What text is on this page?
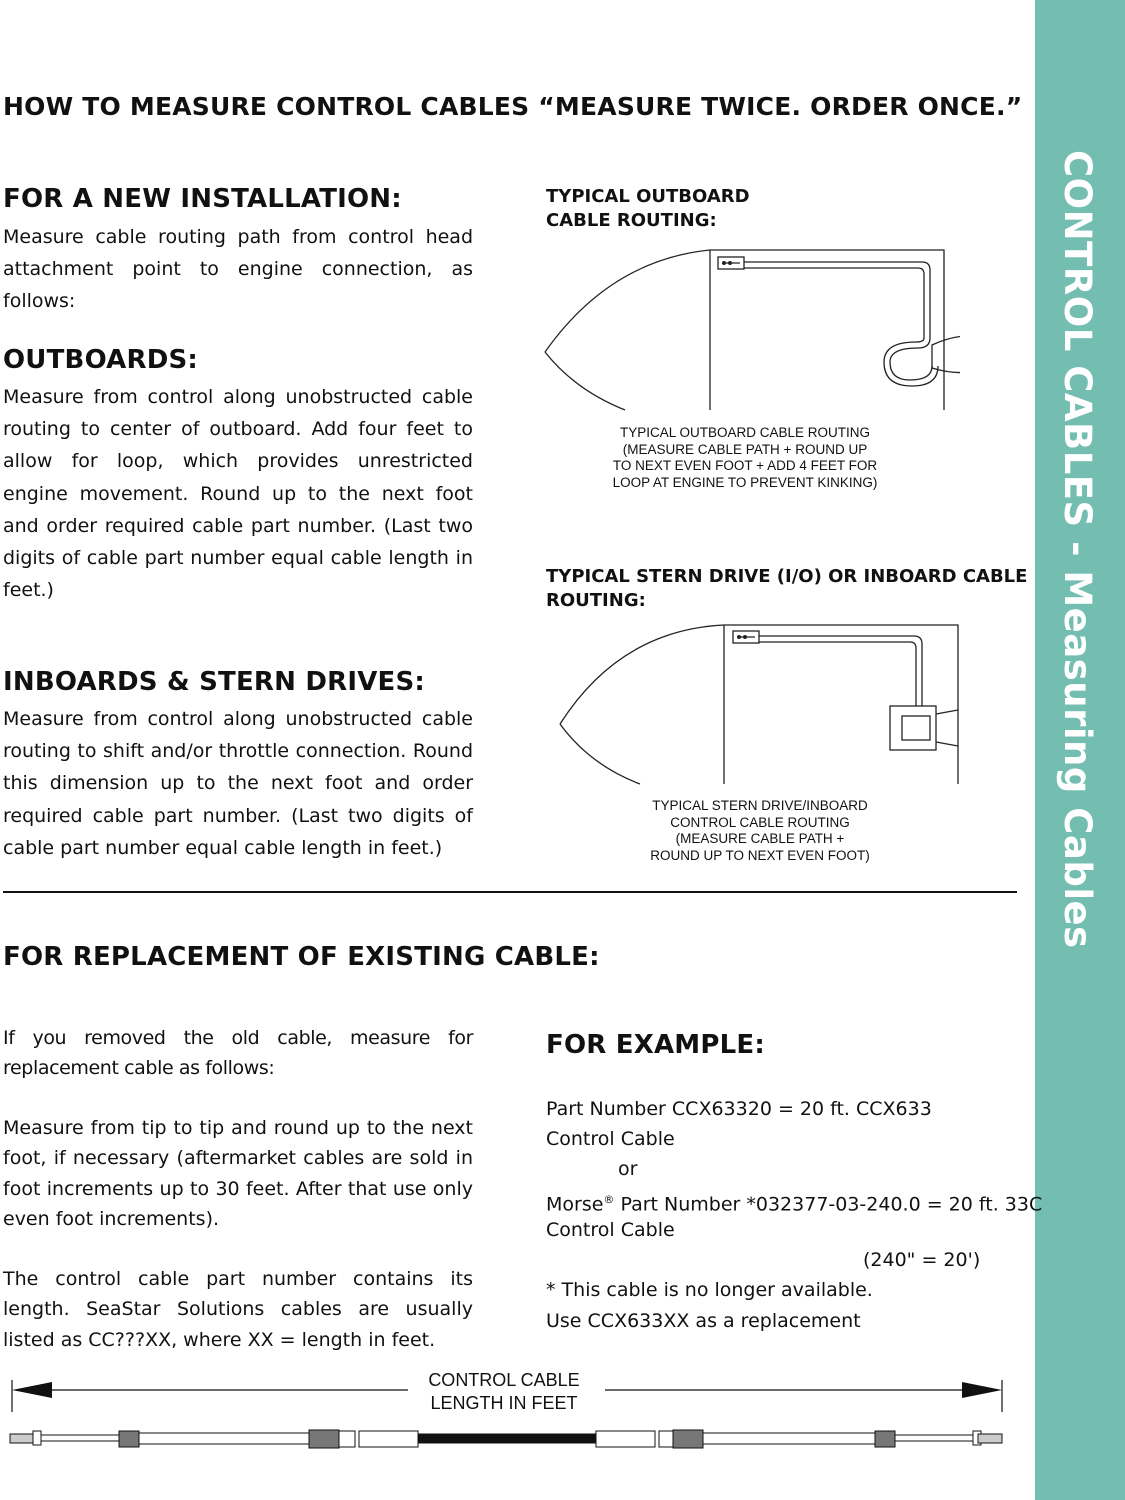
CONTROL CABLES - Measuring Cables
HOW TO MEASURE CONTROL CABLES “MEASURE TWICE. ORDER ONCE.”
FOR A NEW INSTALLATION:
Measure cable routing path from control head attachment point to engine connection, as follows:
OUTBOARDS:
Measure from control along unobstructed cable routing to center of outboard. Add four feet to allow for loop, which provides unrestricted engine movement. Round up to the next foot and order required cable part number. (Last two digits of cable part number equal cable length in feet.)
INBOARDS & STERN DRIVES:
Measure from control along unobstructed cable routing to shift and/or throttle connection. Round this dimension up to the next foot and order required cable part number. (Last two digits of cable part number equal cable length in feet.)
TYPICAL OUTBOARD
CABLE ROUTING:
TYPICAL OUTBOARD CABLE ROUTING
(MEASURE CABLE PATH + ROUND UP
TO NEXT EVEN FOOT + ADD 4 FEET FOR
LOOP AT ENGINE TO PREVENT KINKING)
TYPICAL STERN DRIVE (I/O) OR INBOARD CABLE
ROUTING:
TYPICAL STERN DRIVE/INBOARD
CONTROL CABLE ROUTING
(MEASURE CABLE PATH +
ROUND UP TO NEXT EVEN FOOT)
FOR REPLACEMENT OF EXISTING CABLE:
If you removed the old cable, measure for replacement cable as follows:
Measure from tip to tip and round up to the next foot, if necessary (aftermarket cables are sold in foot increments up to 30 feet. After that use only even foot increments).
The control cable part number contains its length. SeaStar Solutions cables are usually listed as CC???XX, where XX = length in feet.
FOR EXAMPLE:
Part Number CCX63320 = 20 ft. CCX633
Control Cable
or
Morse® Part Number *032377-03-240.0 = 20 ft. 33C
Control Cable
(240" = 20')
* This cable is no longer available.
Use CCX633XX as a replacement
CONTROL CABLE
LENGTH IN FEET
